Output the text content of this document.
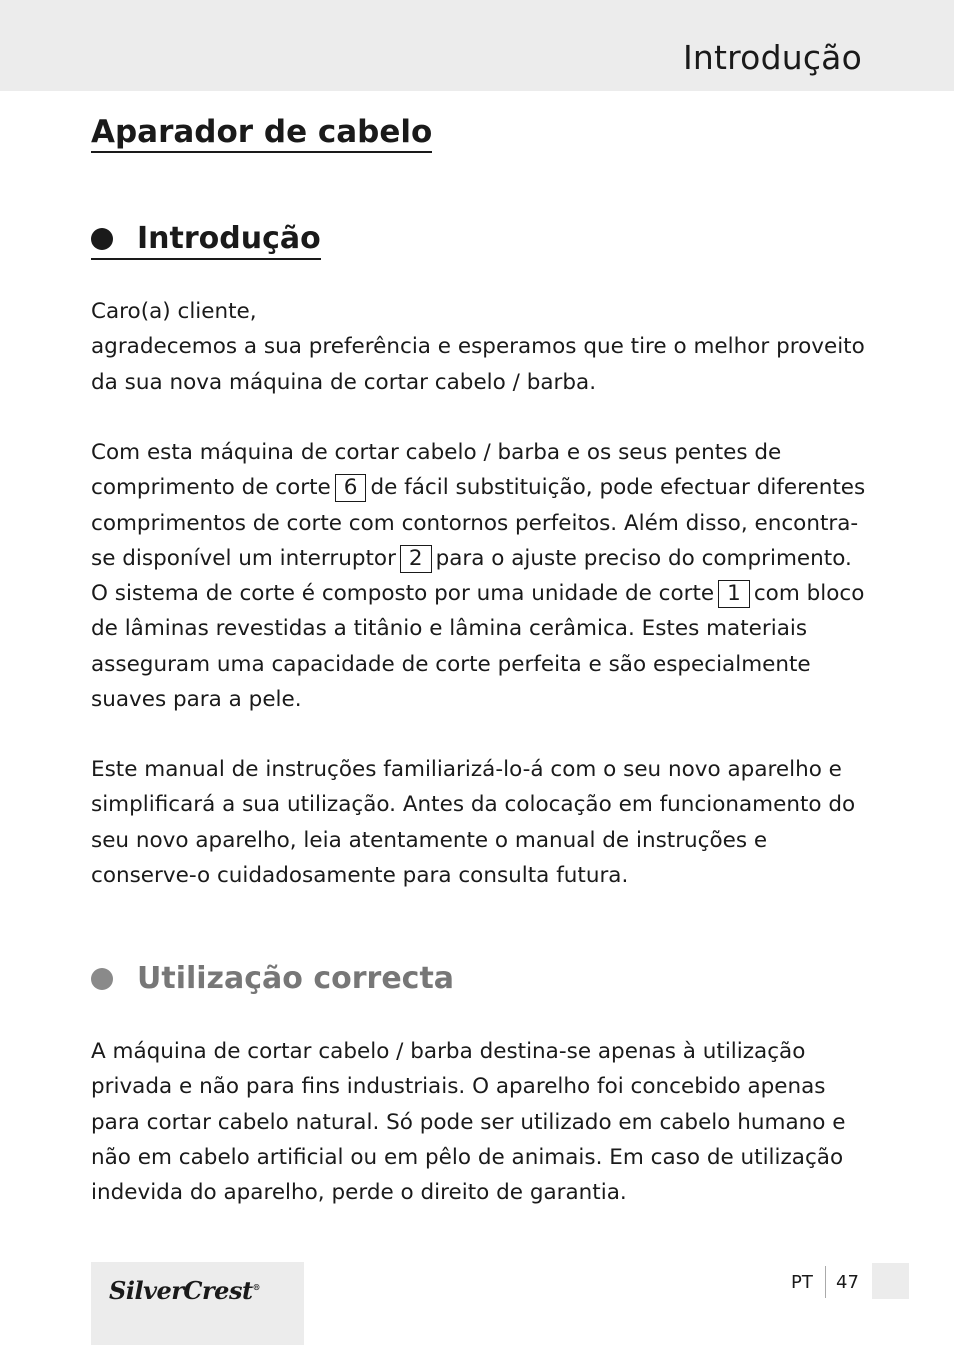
Introdução
Aparador de cabelo
Introdução

Caro(a) cliente,
agradecemos a sua preferência e esperamos que tire o melhor proveito da sua nova máquina de cortar cabelo / barba.

Com esta máquina de cortar cabelo / barba e os seus pentes de comprimento de corte 6 de fácil substituição, pode efectuar diferentes comprimentos de corte com contornos perfeitos. Além disso, encontra-se disponível um interruptor 2 para o ajuste preciso do comprimento. O sistema de corte é composto por uma unidade de corte 1 com bloco de lâminas revestidas a titânio e lâmina cerâmica. Estes materiais asseguram uma capacidade de corte perfeita e são especialmente suaves para a pele.

Este manual de instruções familiarizá-lo-á com o seu novo aparelho e simplificará a sua utilização. Antes da colocação em funcionamento do seu novo aparelho, leia atentamente o manual de instruções e conserve-o cuidadosamente para consulta futura.

Utilização correcta

A máquina de cortar cabelo / barba destina-se apenas à utilização privada e não para fins industriais. O aparelho foi concebido apenas para cortar cabelo natural. Só pode ser utilizado em cabelo humano e não em cabelo artificial ou em pêlo de animais. Em caso de utilização indevida do aparelho, perde o direito de garantia.

SilverCrest®	PT 47
